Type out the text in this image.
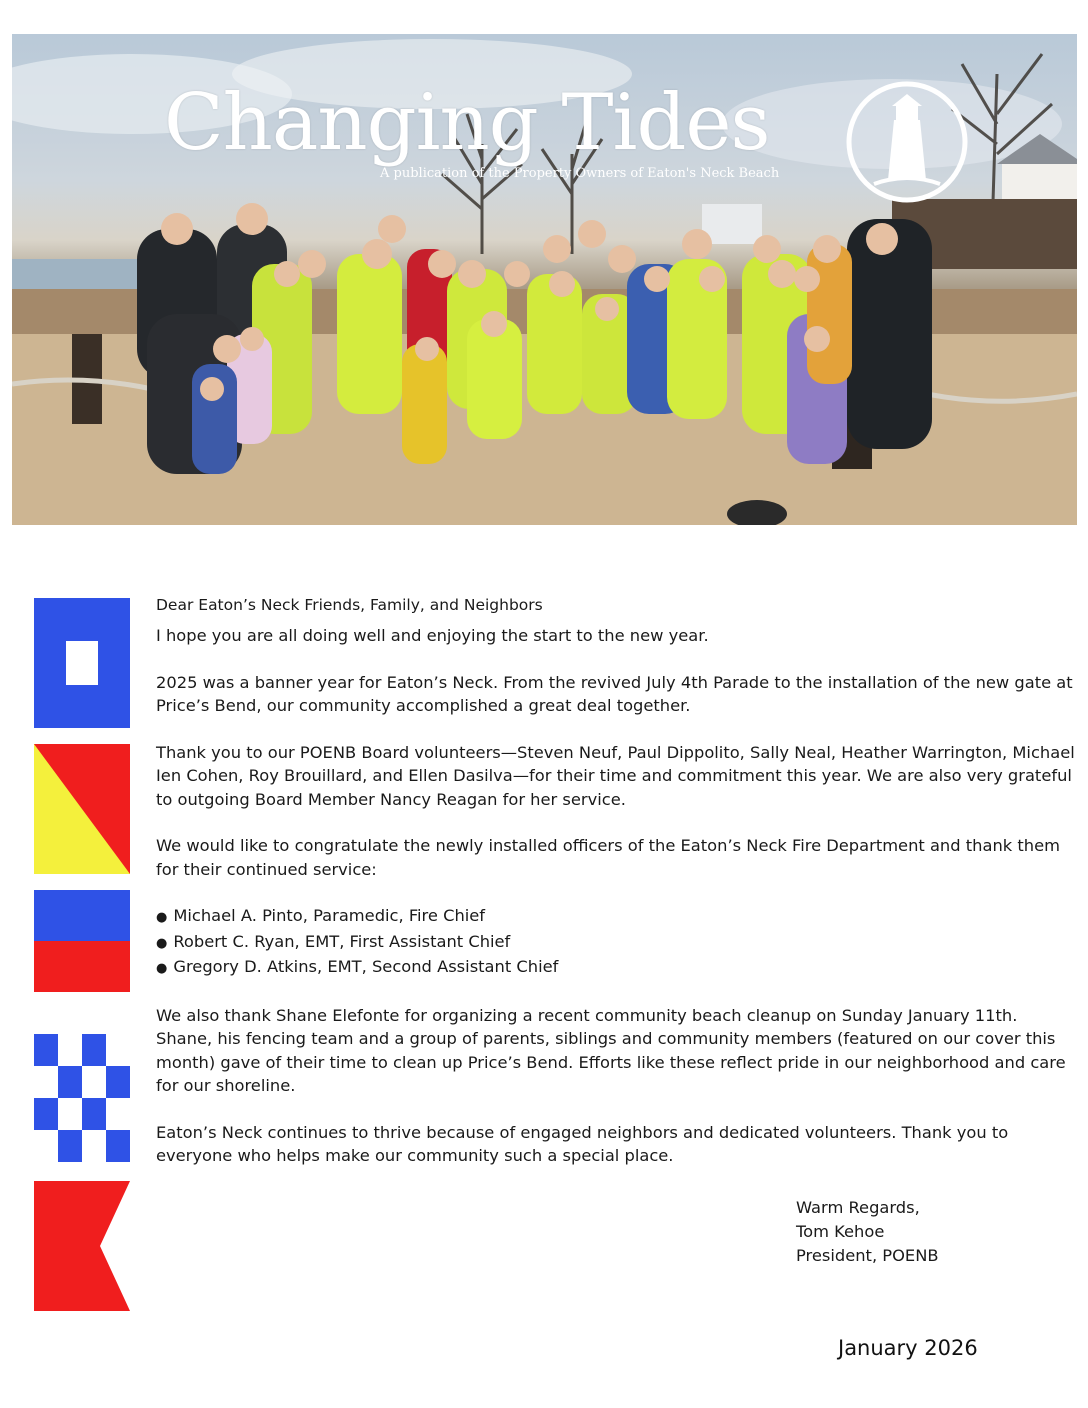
Changing Tides
A publication of the Property Owners of Eaton's Neck Beach

Dear Eaton’s Neck Friends, Family, and Neighbors

I hope you are all doing well and enjoying the start to the new year.

2025 was a banner year for Eaton’s Neck. From the revived July 4th Parade to the installation of the new gate at Price’s Bend, our community accomplished a great deal together.

Thank you to our POENB Board volunteers—Steven Neuf, Paul Dippolito, Sally Neal, Heather Warrington, Michael Ien Cohen, Roy Brouillard, and Ellen Dasilva—for their time and commitment this year. We are also very grateful to outgoing Board Member Nancy Reagan for her service.

We would like to congratulate the newly installed officers of the Eaton’s Neck Fire Department and thank them for their continued service:

● Michael A. Pinto, Paramedic, Fire Chief
● Robert C. Ryan, EMT, First Assistant Chief
● Gregory D. Atkins, EMT, Second Assistant Chief

We also thank Shane Elefonte for organizing a recent community beach cleanup on Sunday January 11th. Shane, his fencing team and a group of parents, siblings and community members (featured on our cover this month) gave of their time to clean up Price’s Bend. Efforts like these reflect pride in our neighborhood and care for our shoreline.

Eaton’s Neck continues to thrive because of engaged neighbors and dedicated volunteers. Thank you to everyone who helps make our community such a special place.

Warm Regards,
Tom Kehoe
President, POENB
January 2026
